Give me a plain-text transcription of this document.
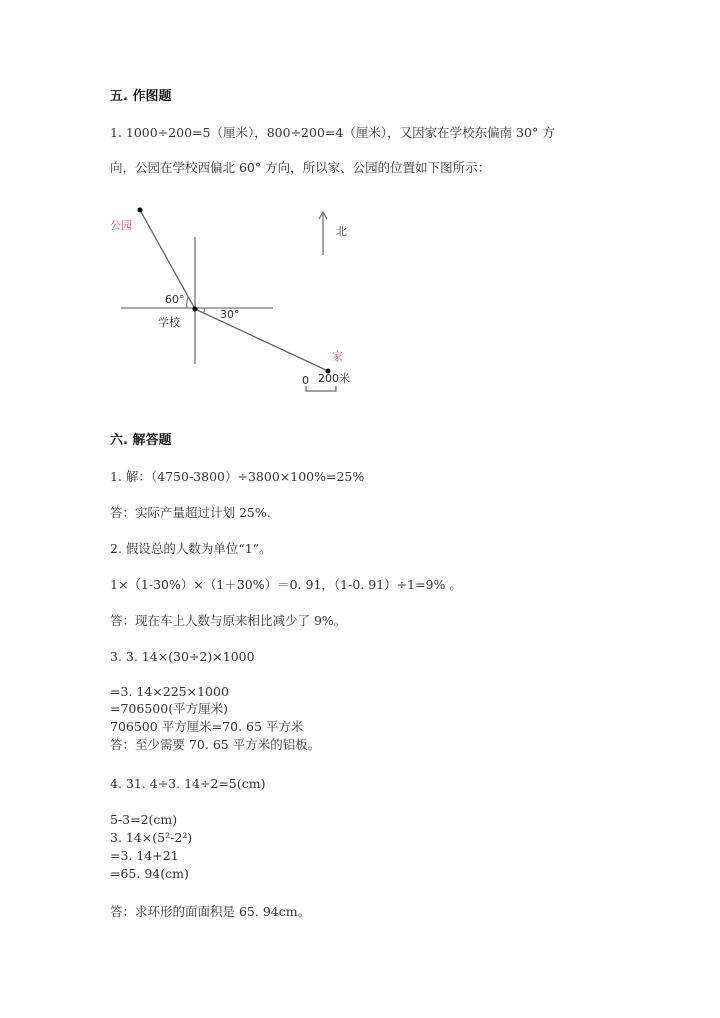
五. 作图题
1. 1000÷200=5（厘米），800÷200=4（厘米），又因家在学校东偏南 30° 方
向，公园在学校西偏北 60° 方向，所以家、公园的位置如下图所示：
公园	北
60°
学校
30°
家
0 200米
六. 解答题
1. 解：（4750-3800）÷3800×100%=25%
答：实际产量超过计划 25%.
2. 假设总的人数为单位“1”。
1×（1-30%）×（1＋30%）＝0. 91，（1-0. 91）÷1=9% 。
答：现在车上人数与原来相比减少了 9%。
3. 3. 14×(30÷2)×1000
=3. 14×225×1000
=706500(平方厘米)
706500 平方厘米=70. 65 平方米
答：至少需要 70. 65 平方米的铝板。
4. 31. 4÷3. 14÷2=5(cm)
5-3=2(cm)
3. 14×(5²-2²)
=3. 14+21
=65. 94(cm)
答：求环形的面面积是 65. 94cm。
